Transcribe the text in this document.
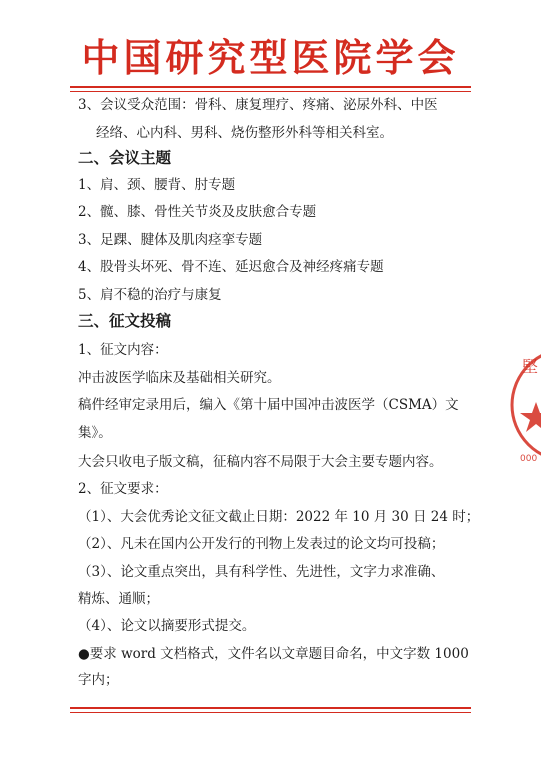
中国研究型医院学会
3、会议受众范围：骨科、康复理疗、疼痛、泌尿外科、中医
经络、心内科、男科、烧伤整形外科等相关科室。
二、会议主题
1、肩、颈、腰背、肘专题
2、髋、膝、骨性关节炎及皮肤愈合专题
3、足踝、腱体及肌肉痉挛专题
4、股骨头坏死、骨不连、延迟愈合及神经疼痛专题
5、肩不稳的治疗与康复
三、征文投稿
1、征文内容：
冲击波医学临床及基础相关研究。
稿件经审定录用后，编入《第十届中国冲击波医学（CSMA）文
集》。
大会只收电子版文稿，征稿内容不局限于大会主要专题内容。
2、征文要求：
（1）、大会优秀论文征文截止日期：2022 年 10 月 30 日 24 时；
（2）、凡未在国内公开发行的刊物上发表过的论文均可投稿；
（3）、论文重点突出，具有科学性、先进性，文字力求准确、
精炼、通顺；
（4）、论文以摘要形式提交。
●要求 word 文档格式，文件名以文章题目命名，中文字数 1000
字内；
堅
000
